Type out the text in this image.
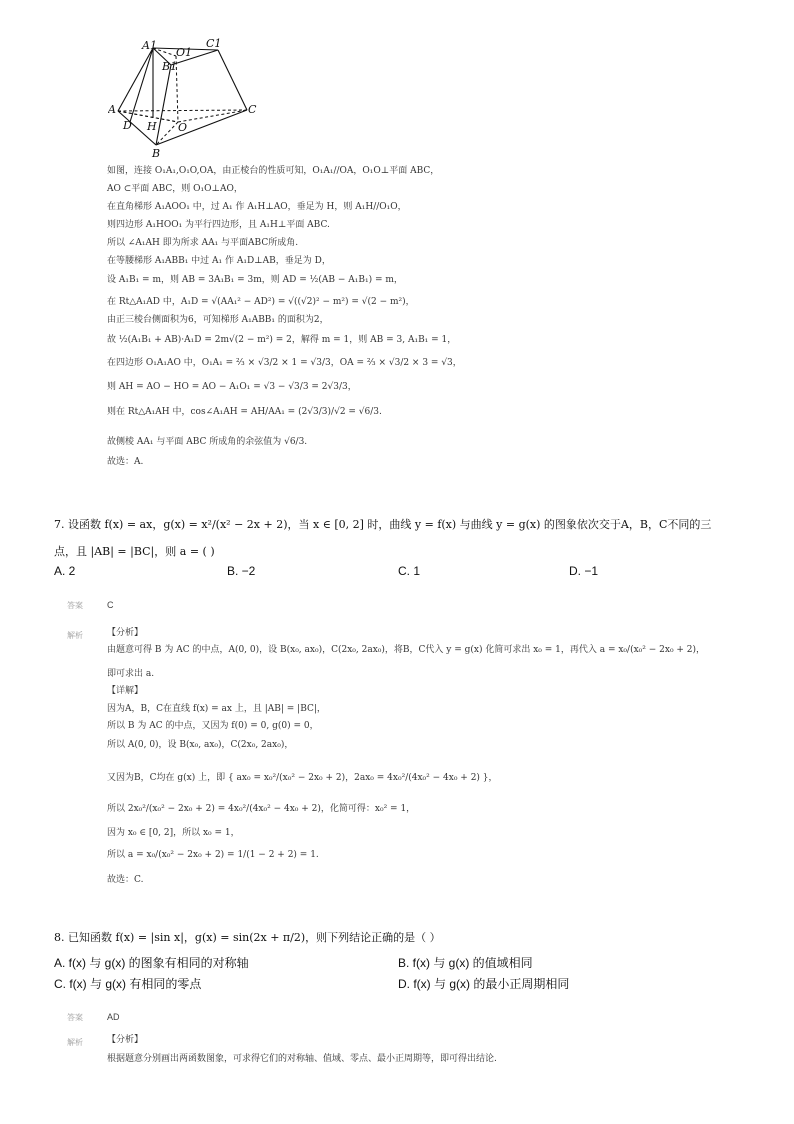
A1
O1
C1
B1
A	C
D H O
B
如图，连接 O₁A₁,O₁O,OA，由正棱台的性质可知，O₁A₁//OA，O₁O⊥平面 ABC，
AO ⊂平面 ABC，则 O₁O⊥AO，
在直角梯形 A₁AOO₁ 中，过 A₁ 作 A₁H⊥AO，垂足为 H，则 A₁H//O₁O，
则四边形 A₁HOO₁ 为平行四边形，且 A₁H⊥平面 ABC.
所以 ∠A₁AH 即为所求 AA₁ 与平面ABC所成角.
在等腰梯形 A₁ABB₁ 中过 A₁ 作 A₁D⊥AB，垂足为 D，
设 A₁B₁ = m，则 AB = 3A₁B₁ = 3m，则 AD = ½(AB − A₁B₁) = m，
在 Rt△A₁AD 中，A₁D = √(AA₁² − AD²) = √((√2)² − m²) = √(2 − m²)，
由正三棱台侧面积为6，可知梯形 A₁ABB₁ 的面积为2，
故 ½(A₁B₁ + AB)·A₁D = 2m√(2 − m²) = 2，解得 m = 1，则 AB = 3, A₁B₁ = 1，
在四边形 O₁A₁AO 中，O₁A₁ = ⅔ × √3/2 × 1 = √3/3，OA = ⅔ × √3/2 × 3 = √3，
则 AH = AO − HO = AO − A₁O₁ = √3 − √3/3 = 2√3/3，
则在 Rt△A₁AH 中，cos∠A₁AH = AH/AA₁ = (2√3/3)/√2 = √6/3.
故侧棱 AA₁ 与平面 ABC 所成角的余弦值为 √6/3.
故选：A.
7. 设函数 f(x) = ax，g(x) = x²/(x² − 2x + 2)，当 x ∈ [0, 2] 时，曲线 y = f(x) 与曲线 y = g(x) 的图象依次交于A，B，C不同的三
点，且 |AB| = |BC|，则 a = ( )
A. 2	B. −2	C. 1	D. −1
答案	C
解析	【分析】
由题意可得 B 为 AC 的中点，A(0, 0)，设 B(x₀, ax₀)，C(2x₀, 2ax₀)，将B，C代入 y = g(x) 化简可求出 x₀ = 1，再代入 a = x₀/(x₀² − 2x₀ + 2)，
即可求出 a.
【详解】
因为A，B，C在直线 f(x) = ax 上，且 |AB| = |BC|，
所以 B 为 AC 的中点，又因为 f(0) = 0, g(0) = 0，
所以 A(0, 0)，设 B(x₀, ax₀)，C(2x₀, 2ax₀)，
又因为B，C均在 g(x) 上，即 { ax₀ = x₀²/(x₀² − 2x₀ + 2)，2ax₀ = 4x₀²/(4x₀² − 4x₀ + 2) }，
所以 2x₀²/(x₀² − 2x₀ + 2) = 4x₀²/(4x₀² − 4x₀ + 2)，化简可得：x₀² = 1，
因为 x₀ ∈ [0, 2]，所以 x₀ = 1，
所以 a = x₀/(x₀² − 2x₀ + 2) = 1/(1 − 2 + 2) = 1.
故选：C.
8. 已知函数 f(x) = |sin x|，g(x) = sin(2x + π/2)，则下列结论正确的是（ ）
A. f(x) 与 g(x) 的图象有相同的对称轴	B. f(x) 与 g(x) 的值域相同
C. f(x) 与 g(x) 有相同的零点	D. f(x) 与 g(x) 的最小正周期相同
答案	AD
解析	【分析】
根据题意分别画出两函数图象，可求得它们的对称轴、值域、零点、最小正周期等，即可得出结论.
